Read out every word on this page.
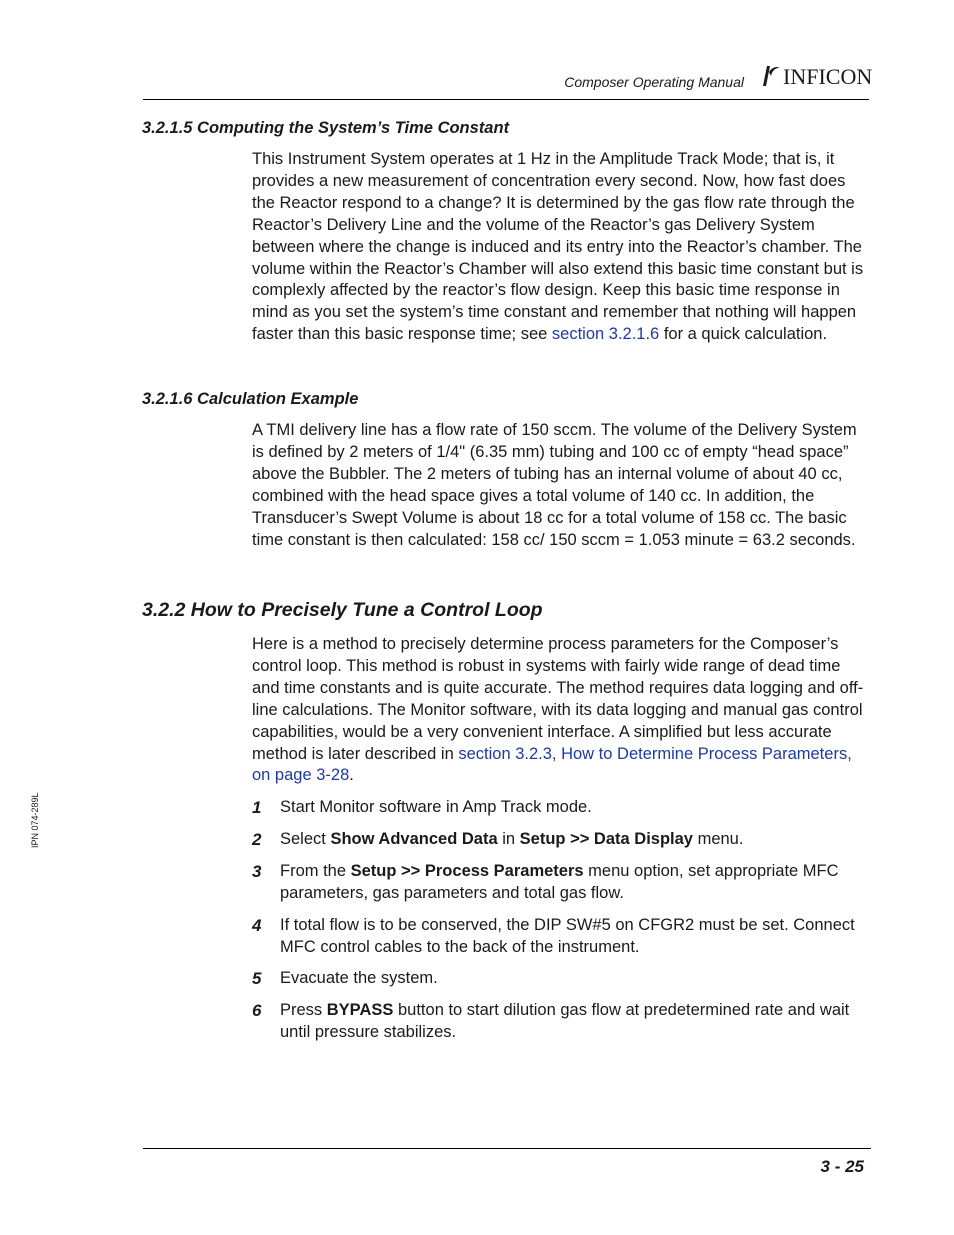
Composer Operating Manual INFICON
3.2.1.5 Computing the System’s Time Constant
This Instrument System operates at 1 Hz in the Amplitude Track Mode; that is, it provides a new measurement of concentration every second. Now, how fast does the Reactor respond to a change? It is determined by the gas flow rate through the Reactor’s Delivery Line and the volume of the Reactor’s gas Delivery System between where the change is induced and its entry into the Reactor’s chamber. The volume within the Reactor’s Chamber will also extend this basic time constant but is complexly affected by the reactor’s flow design. Keep this basic time response in mind as you set the system’s time constant and remember that nothing will happen faster than this basic response time; see section 3.2.1.6 for a quick calculation.
3.2.1.6 Calculation Example
A TMI delivery line has a flow rate of 150 sccm. The volume of the Delivery System is defined by 2 meters of 1/4" (6.35 mm) tubing and 100 cc of empty “head space” above the Bubbler. The 2 meters of tubing has an internal volume of about 40 cc, combined with the head space gives a total volume of 140 cc. In addition, the Transducer’s Swept Volume is about 18 cc for a total volume of 158 cc. The basic time constant is then calculated: 158 cc/ 150 sccm = 1.053 minute = 63.2 seconds.
3.2.2 How to Precisely Tune a Control Loop
Here is a method to precisely determine process parameters for the Composer’s control loop. This method is robust in systems with fairly wide range of dead time and time constants and is quite accurate. The method requires data logging and off-line calculations. The Monitor software, with its data logging and manual gas control capabilities, would be a very convenient interface. A simplified but less accurate method is later described in section 3.2.3, How to Determine Process Parameters, on page 3-28.
1	Start Monitor software in Amp Track mode.
2	Select Show Advanced Data in Setup >> Data Display menu.
3	From the Setup >> Process Parameters menu option, set appropriate MFC parameters, gas parameters and total gas flow.
4	If total flow is to be conserved, the DIP SW#5 on CFGR2 must be set. Connect MFC control cables to the back of the instrument.
5	Evacuate the system.
6	Press BYPASS button to start dilution gas flow at predetermined rate and wait until pressure stabilizes.
IPN 074-289L
3 - 25
